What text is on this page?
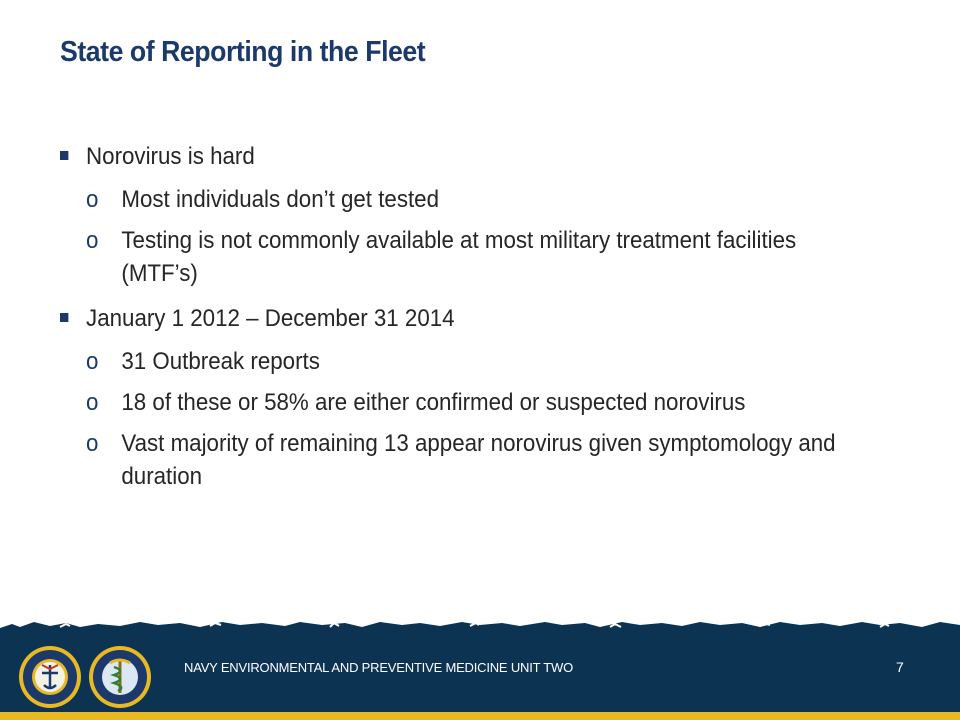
State of Reporting in the Fleet
Norovirus is hard
o Most individuals don’t get tested
o Testing is not commonly available at most military treatment facilities (MTF’s)
January 1 2012 – December 31 2014
o 31 Outbreak reports
o 18 of these or 58% are either confirmed or suspected norovirus
o Vast majority of remaining 13 appear norovirus given symptomology and duration
NAVY ENVIRONMENTAL AND PREVENTIVE MEDICINE UNIT TWO	7
